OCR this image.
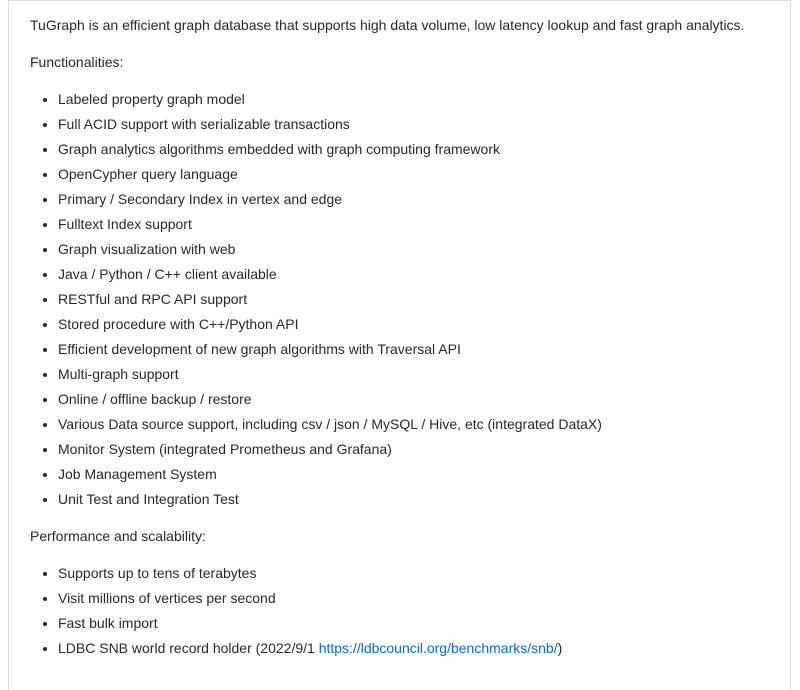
TuGraph is an efficient graph database that supports high data volume, low latency lookup and fast graph analytics.

Functionalities:

• Labeled property graph model
• Full ACID support with serializable transactions
• Graph analytics algorithms embedded with graph computing framework
• OpenCypher query language
• Primary / Secondary Index in vertex and edge
• Fulltext Index support
• Graph visualization with web
• Java / Python / C++ client available
• RESTful and RPC API support
• Stored procedure with C++/Python API
• Efficient development of new graph algorithms with Traversal API
• Multi-graph support
• Online / offline backup / restore
• Various Data source support, including csv / json / MySQL / Hive, etc (integrated DataX)
• Monitor System (integrated Prometheus and Grafana)
• Job Management System
• Unit Test and Integration Test

Performance and scalability:

• Supports up to tens of terabytes
• Visit millions of vertices per second
• Fast bulk import
• LDBC SNB world record holder (2022/9/1 https://ldbcouncil.org/benchmarks/snb/)
